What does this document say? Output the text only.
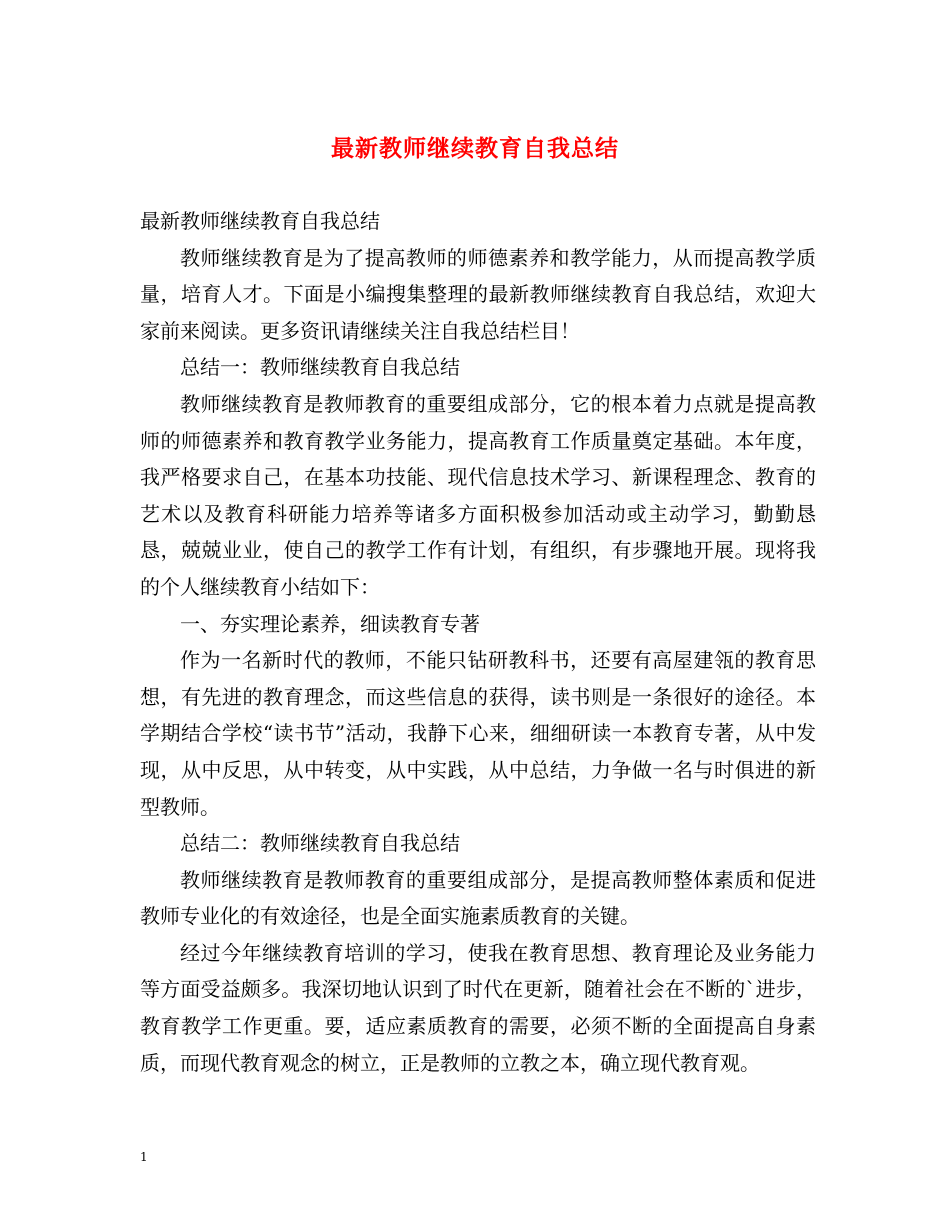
最新教师继续教育自我总结

最新教师继续教育自我总结

教师继续教育是为了提高教师的师德素养和教学能力，从而提高教学质量，培育人才。下面是小编搜集整理的最新教师继续教育自我总结，欢迎大家前来阅读。更多资讯请继续关注自我总结栏目！

总结一：教师继续教育自我总结

教师继续教育是教师教育的重要组成部分，它的根本着力点就是提高教师的师德素养和教育教学业务能力，提高教育工作质量奠定基础。本年度，我严格要求自己，在基本功技能、现代信息技术学习、新课程理念、教育的艺术以及教育科研能力培养等诸多方面积极参加活动或主动学习，勤勤恳恳，兢兢业业，使自己的教学工作有计划，有组织，有步骤地开展。现将我的个人继续教育小结如下：

一、夯实理论素养，细读教育专著

作为一名新时代的教师，不能只钻研教科书，还要有高屋建瓴的教育思想，有先进的教育理念，而这些信息的获得，读书则是一条很好的途径。本学期结合学校“读书节”活动，我静下心来，细细研读一本教育专著，从中发现，从中反思，从中转变，从中实践，从中总结，力争做一名与时俱进的新型教师。

总结二：教师继续教育自我总结

教师继续教育是教师教育的重要组成部分，是提高教师整体素质和促进教师专业化的有效途径，也是全面实施素质教育的关键。

经过今年继续教育培训的学习，使我在教育思想、教育理论及业务能力等方面受益颇多。我深切地认识到了时代在更新，随着社会在不断的`进步，教育教学工作更重。要，适应素质教育的需要，必须不断的全面提高自身素质，而现代教育观念的树立，正是教师的立教之本，确立现代教育观。

1
